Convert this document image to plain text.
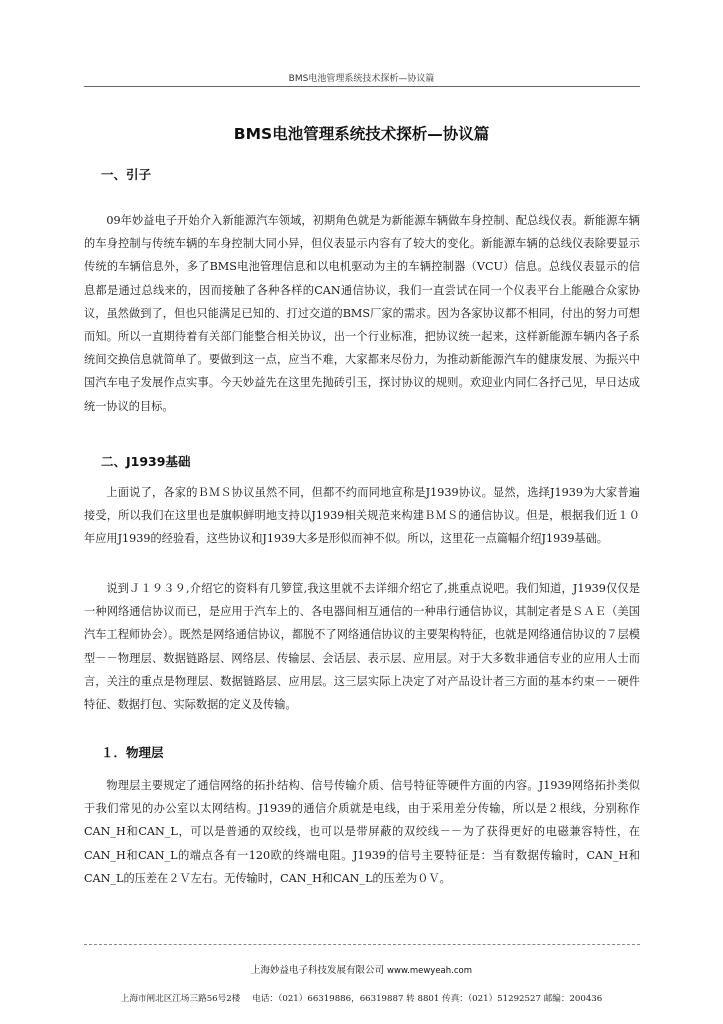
BMS电池管理系统技术探析—协议篇
BMS电池管理系统技术探析—协议篇
一、引子

09年妙益电子开始介入新能源汽车领域，初期角色就是为新能源车辆做车身控制、配总线仪表。新能源车辆的车身控制与传统车辆的车身控制大同小异，但仪表显示内容有了较大的变化。新能源车辆的总线仪表除要显示传统的车辆信息外，多了BMS电池管理信息和以电机驱动为主的车辆控制器（VCU）信息。总线仪表显示的信息都是通过总线来的，因而接触了各种各样的CAN通信协议，我们一直尝试在同一个仪表平台上能融合众家协议，虽然做到了，但也只能满足已知的、打过交道的BMS厂家的需求。因为各家协议都不相同，付出的努力可想而知。所以一直期待着有关部门能整合相关协议，出一个行业标准，把协议统一起来，这样新能源车辆内各子系统间交换信息就简单了。要做到这一点，应当不难，大家都来尽份力，为推动新能源汽车的健康发展、为振兴中国汽车电子发展作点实事。今天妙益先在这里先抛砖引玉，探讨协议的规则。欢迎业内同仁各抒己见，早日达成统一协议的目标。

二、J1939基础

上面说了，各家的ＢＭＳ协议虽然不同，但都不约而同地宣称是J1939协议。显然，选择J1939为大家普遍接受，所以我们在这里也是旗帜鲜明地支持以J1939相关规范来构建ＢＭＳ的通信协议。但是，根据我们近１０年应用J1939的经验看，这些协议和J1939大多是形似而神不似。所以，这里花一点篇幅介绍J1939基础。

说到Ｊ１９３９,介绍它的资料有几箩筐,我这里就不去详细介绍它了,挑重点说吧。我们知道，J1939仅仅是一种网络通信协议而已，是应用于汽车上的、各电器间相互通信的一种串行通信协议，其制定者是ＳＡＥ（美国汽车工程师协会）。既然是网络通信协议，都脱不了网络通信协议的主要架构特征，也就是网络通信协议的７层模型－－物理层、数据链路层、网络层、传输层、会话层、表示层、应用层。对于大多数非通信专业的应用人士而言，关注的重点是物理层、数据链路层、应用层。这三层实际上决定了对产品设计者三方面的基本约束－－硬件特征、数据打包、实际数据的定义及传输。

１．物理层

物理层主要规定了通信网络的拓扑结构、信号传输介质、信号特征等硬件方面的内容。J1939网络拓扑类似于我们常见的办公室以太网结构。J1939的通信介质就是电线，由于采用差分传输，所以是２根线，分别称作CAN_H和CAN_L，可以是普通的双绞线，也可以是带屏蔽的双绞线－－为了获得更好的电磁兼容特性，在CAN_H和CAN_L的端点各有一120欧的终端电阻。J1939的信号主要特征是：当有数据传输时，CAN_H和CAN_L的压差在２Ｖ左右。无传输时，CAN_H和CAN_L的压差为０Ｖ。

上海妙益电子科技发展有限公司 www.mewyeah.com
上海市闸北区江场三路56号2楼 电话：（021）66319886，66319887 转 8801 传真：（021）51292527 邮编：200436
